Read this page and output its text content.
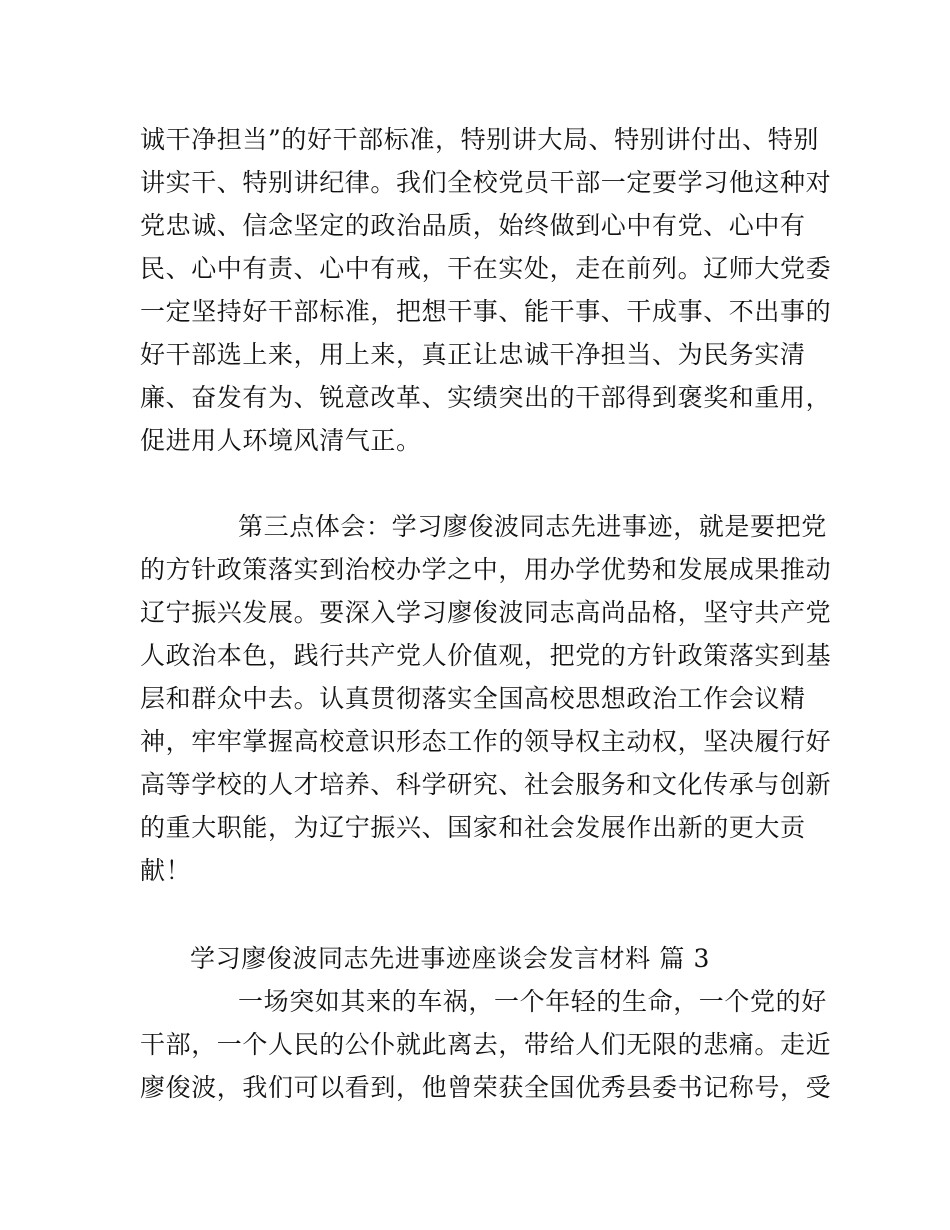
诚干净担当”的好干部标准，特别讲大局、特别讲付出、特别
讲实干、特别讲纪律。我们全校党员干部一定要学习他这种对
党忠诚、信念坚定的政治品质，始终做到心中有党、心中有
民、心中有责、心中有戒，干在实处，走在前列。辽师大党委
一定坚持好干部标准，把想干事、能干事、干成事、不出事的
好干部选上来，用上来，真正让忠诚干净担当、为民务实清
廉、奋发有为、锐意改革、实绩突出的干部得到褒奖和重用，
促进用人环境风清气正。
第三点体会：学习廖俊波同志先进事迹，就是要把党
的方针政策落实到治校办学之中，用办学优势和发展成果推动
辽宁振兴发展。要深入学习廖俊波同志高尚品格，坚守共产党
人政治本色，践行共产党人价值观，把党的方针政策落实到基
层和群众中去。认真贯彻落实全国高校思想政治工作会议精
神，牢牢掌握高校意识形态工作的领导权主动权，坚决履行好
高等学校的人才培养、科学研究、社会服务和文化传承与创新
的重大职能，为辽宁振兴、国家和社会发展作出新的更大贡
献！
学习廖俊波同志先进事迹座谈会发言材料 篇 3
一场突如其来的车祸，一个年轻的生命，一个党的好
干部，一个人民的公仆就此离去，带给人们无限的悲痛。走近
廖俊波，我们可以看到，他曾荣获全国优秀县委书记称号，受
